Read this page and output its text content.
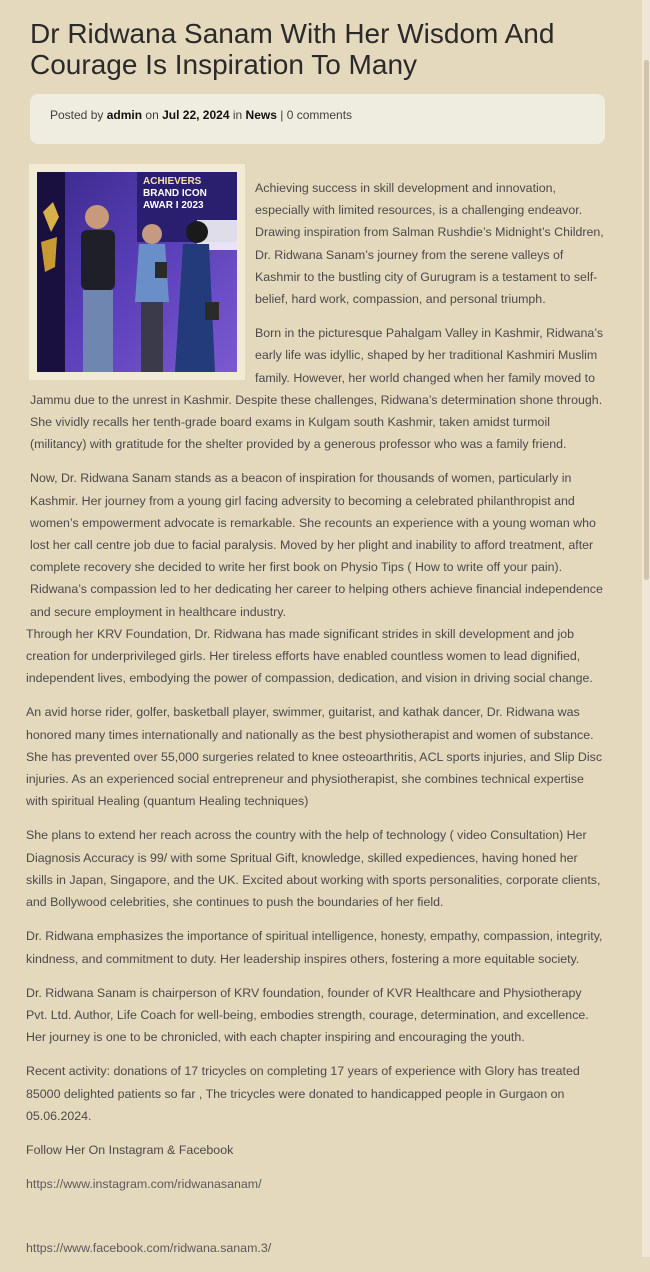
Dr Ridwana Sanam With Her Wisdom And Courage Is Inspiration To Many
Posted by admin on Jul 22, 2024 in News | 0 comments
ACHIEVERS
BRAND ICON
AWAR I 2023

Achieving success in skill development and innovation, especially with limited resources, is a challenging endeavor. Drawing inspiration from Salman Rushdie’s Midnight’s Children, Dr. Ridwana Sanam’s journey from the serene valleys of Kashmir to the bustling city of Gurugram is a testament to self-belief, hard work, compassion, and personal triumph.

Born in the picturesque Pahalgam Valley in Kashmir, Ridwana’s early life was idyllic, shaped by her traditional Kashmiri Muslim family. However, her world changed when her family moved to Jammu due to the unrest in Kashmir. Despite these challenges, Ridwana’s determination shone through. She vividly recalls her tenth-grade board exams in Kulgam south Kashmir, taken amidst turmoil (militancy) with gratitude for the shelter provided by a generous professor who was a family friend.

Now, Dr. Ridwana Sanam stands as a beacon of inspiration for thousands of women, particularly in Kashmir. Her journey from a young girl facing adversity to becoming a celebrated philanthropist and women’s empowerment advocate is remarkable. She recounts an experience with a young woman who lost her call centre job due to facial paralysis. Moved by her plight and inability to afford treatment, after complete recovery she decided to write her first book on Physio Tips ( How to write off your pain). Ridwana’s compassion led to her dedicating her career to helping others achieve financial independence and secure employment in healthcare industry.

Through her KRV Foundation, Dr. Ridwana has made significant strides in skill development and job creation for underprivileged girls. Her tireless efforts have enabled countless women to lead dignified, independent lives, embodying the power of compassion, dedication, and vision in driving social change.

An avid horse rider, golfer, basketball player, swimmer, guitarist, and kathak dancer, Dr. Ridwana was honored many times internationally and nationally as the best physiotherapist and women of substance. She has prevented over 55,000 surgeries related to knee osteoarthritis, ACL sports injuries, and Slip Disc injuries. As an experienced social entrepreneur and physiotherapist, she combines technical expertise with spiritual Healing (quantum Healing techniques)

She plans to extend her reach across the country with the help of technology ( video Consultation) Her Diagnosis Accuracy is 99/ with some Spritual Gift, knowledge, skilled expediences, having honed her skills in Japan, Singapore, and the UK. Excited about working with sports personalities, corporate clients, and Bollywood celebrities, she continues to push the boundaries of her field.

Dr. Ridwana emphasizes the importance of spiritual intelligence, honesty, empathy, compassion, integrity, kindness, and commitment to duty. Her leadership inspires others, fostering a more equitable society.

Dr. Ridwana Sanam is chairperson of KRV foundation, founder of KVR Healthcare and Physiotherapy Pvt. Ltd. Author, Life Coach for well-being, embodies strength, courage, determination, and excellence. Her journey is one to be chronicled, with each chapter inspiring and encouraging the youth.

Recent activity: donations of 17 tricycles on completing 17 years of experience with Glory has treated 85000 delighted patients so far , The tricycles were donated to handicapped people in Gurgaon on 05.06.2024.

Follow Her On Instagram & Facebook

https://www.instagram.com/ridwanasanam/

https://www.facebook.com/ridwana.sanam.3/
